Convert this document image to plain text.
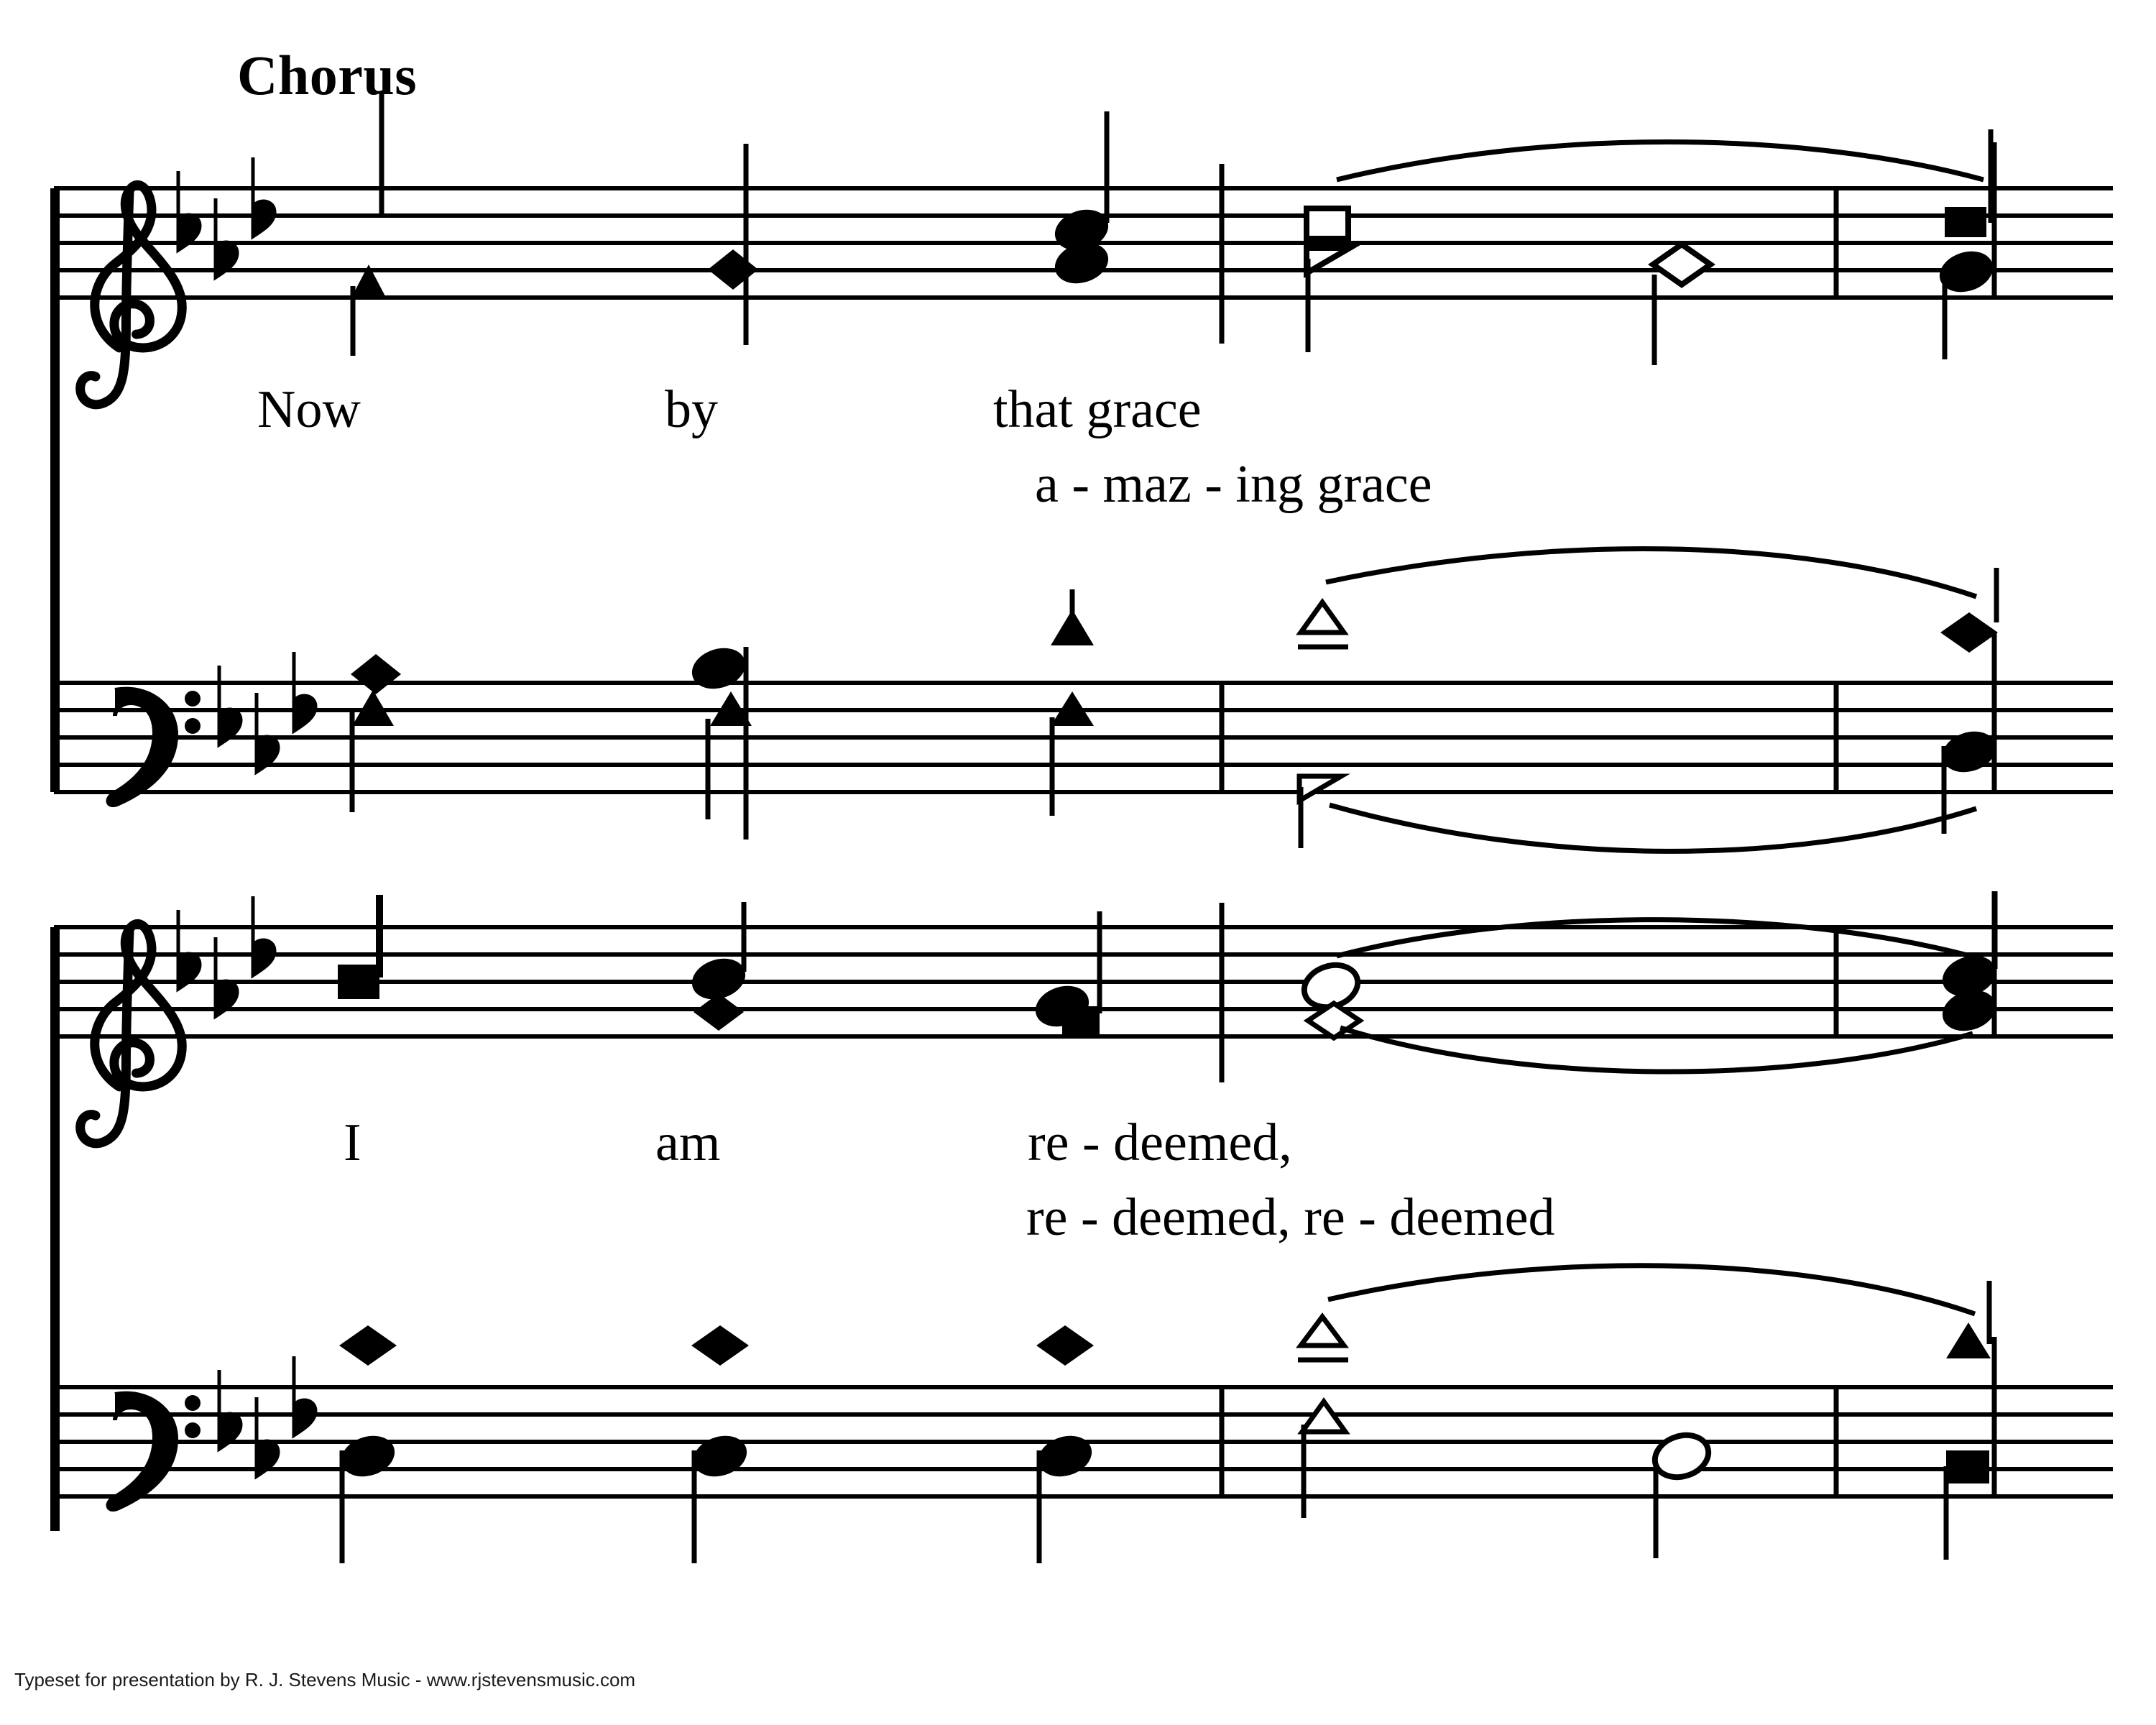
Chorus
Now	by	that grace
a - maz - ing grace
I	am	re - deemed,
re - deemed, re - deemed
Typeset for presentation by R. J. Stevens Music - www.rjstevensmusic.com
